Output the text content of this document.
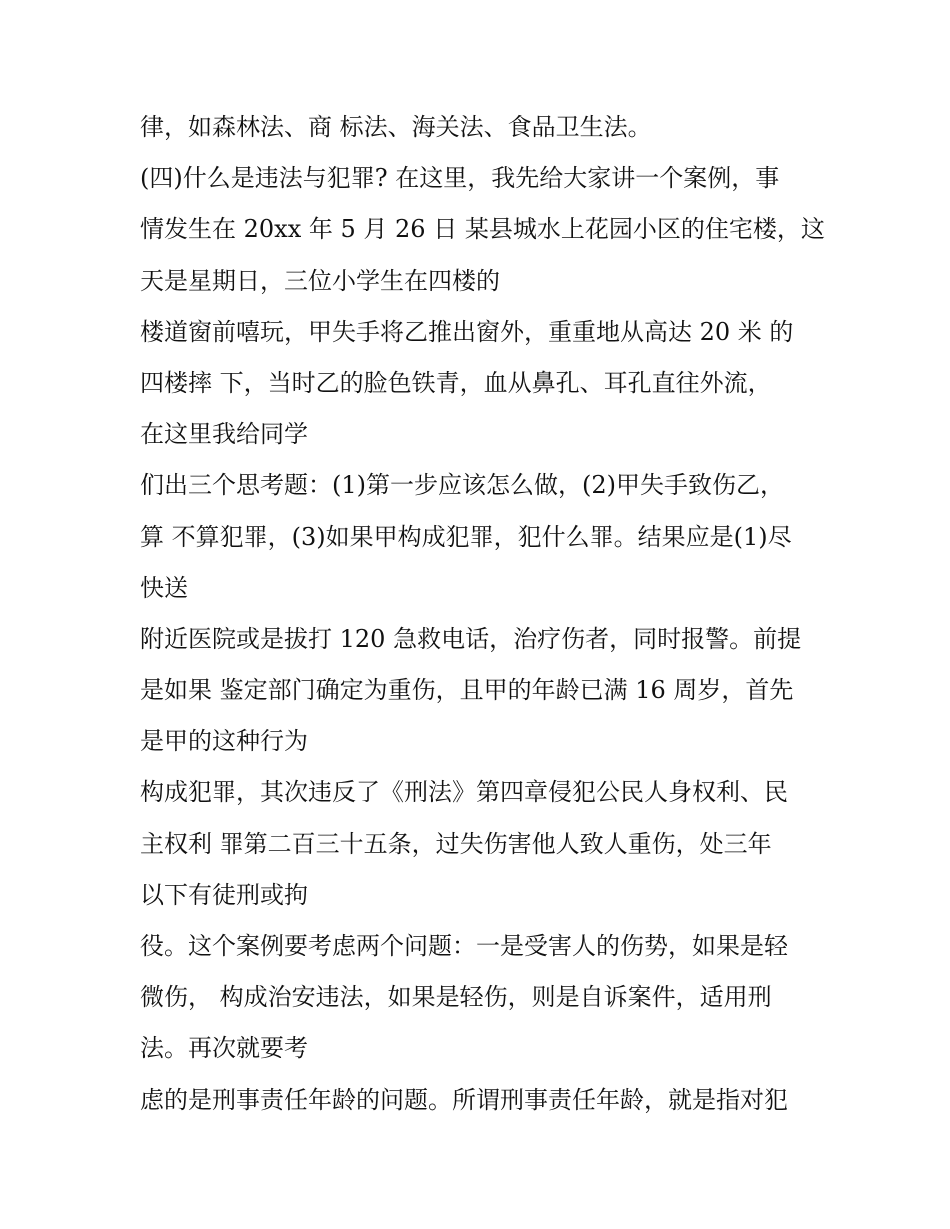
律，如森林法、商 标法、海关法、食品卫生法。
(四)什么是违法与犯罪? 在这里，我先给大家讲一个案例，事
情发生在 20xx 年 5 月 26 日 某县城水上花园小区的住宅楼，这
天是星期日，三位小学生在四楼的
楼道窗前嘻玩，甲失手将乙推出窗外，重重地从高达 20 米 的
四楼摔 下，当时乙的脸色铁青，血从鼻孔、耳孔直往外流，
在这里我给同学
们出三个思考题：(1)第一步应该怎么做，(2)甲失手致伤乙，
算 不算犯罪，(3)如果甲构成犯罪，犯什么罪。结果应是(1)尽
快送
附近医院或是拔打 120 急救电话，治疗伤者，同时报警。前提
是如果 鉴定部门确定为重伤，且甲的年龄已满 16 周岁，首先
是甲的这种行为
构成犯罪，其次违反了《刑法》第四章侵犯公民人身权利、民
主权利 罪第二百三十五条，过失伤害他人致人重伤，处三年
以下有徒刑或拘
役。这个案例要考虑两个问题：一是受害人的伤势，如果是轻
微伤， 构成治安违法，如果是轻伤，则是自诉案件，适用刑
法。再次就要考
虑的是刑事责任年龄的问题。所谓刑事责任年龄，就是指对犯
